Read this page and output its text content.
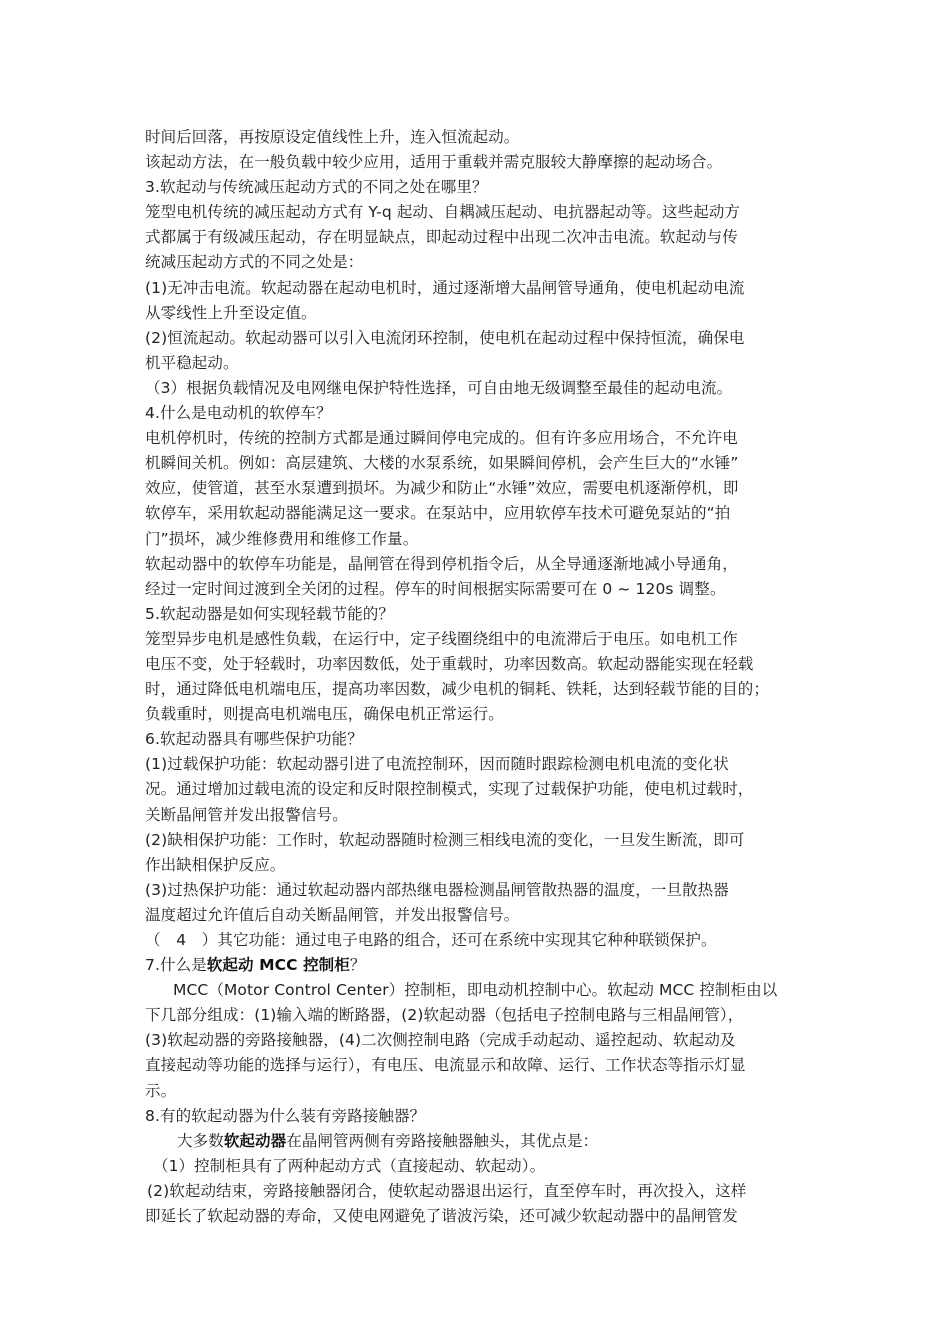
时间后回落，再按原设定值线性上升，连入恒流起动。
该起动方法，在一般负载中较少应用，适用于重载并需克服较大静摩擦的起动场合。
3.软起动与传统减压起动方式的不同之处在哪里？
笼型电机传统的减压起动方式有 Y-q 起动、自耦减压起动、电抗器起动等。这些起动方
式都属于有级减压起动，存在明显缺点，即起动过程中出现二次冲击电流。软起动与传
统减压起动方式的不同之处是：
(1)无冲击电流。软起动器在起动电机时，通过逐渐增大晶闸管导通角，使电机起动电流
从零线性上升至设定值。
(2)恒流起动。软起动器可以引入电流闭环控制，使电机在起动过程中保持恒流，确保电
机平稳起动。
（3）根据负载情况及电网继电保护特性选择，可自由地无级调整至最佳的起动电流。
4.什么是电动机的软停车？
电机停机时，传统的控制方式都是通过瞬间停电完成的。但有许多应用场合，不允许电
机瞬间关机。例如：高层建筑、大楼的水泵系统，如果瞬间停机，会产生巨大的“水锤”
效应，使管道，甚至水泵遭到损坏。为减少和防止“水锤”效应，需要电机逐渐停机，即
软停车，采用软起动器能满足这一要求。在泵站中，应用软停车技术可避免泵站的“拍
门”损坏，减少维修费用和维修工作量。
软起动器中的软停车功能是，晶闸管在得到停机指令后，从全导通逐渐地减小导通角，
经过一定时间过渡到全关闭的过程。停车的时间根据实际需要可在 0 ~ 120s 调整。
5.软起动器是如何实现轻载节能的？
笼型异步电机是感性负载，在运行中，定子线圈绕组中的电流滞后于电压。如电机工作
电压不变，处于轻载时，功率因数低，处于重载时，功率因数高。软起动器能实现在轻载
时，通过降低电机端电压，提高功率因数，减少电机的铜耗、铁耗，达到轻载节能的目的；
负载重时，则提高电机端电压，确保电机正常运行。
6.软起动器具有哪些保护功能？
(1)过载保护功能：软起动器引进了电流控制环，因而随时跟踪检测电机电流的变化状
况。通过增加过载电流的设定和反时限控制模式，实现了过载保护功能，使电机过载时，
关断晶闸管并发出报警信号。
(2)缺相保护功能：工作时，软起动器随时检测三相线电流的变化，一旦发生断流，即可
作出缺相保护反应。
(3)过热保护功能：通过软起动器内部热继电器检测晶闸管散热器的温度，一旦散热器
温度超过允许值后自动关断晶闸管，并发出报警信号。
（　4　）其它功能：通过电子电路的组合，还可在系统中实现其它种种联锁保护。
7.什么是软起动 MCC 控制柜？
MCC（Motor Control Center）控制柜，即电动机控制中心。软起动 MCC 控制柜由以
下几部分组成：(1)输入端的断路器，(2)软起动器（包括电子控制电路与三相晶闸管），
(3)软起动器的旁路接触器，(4)二次侧控制电路（完成手动起动、遥控起动、软起动及
直接起动等功能的选择与运行），有电压、电流显示和故障、运行、工作状态等指示灯显
示。
8.有的软起动器为什么装有旁路接触器？
大多数软起动器在晶闸管两侧有旁路接触器触头，其优点是：
（1）控制柜具有了两种起动方式（直接起动、软起动）。
(2)软起动结束，旁路接触器闭合，使软起动器退出运行，直至停车时，再次投入，这样
即延长了软起动器的寿命，又使电网避免了谐波污染，还可减少软起动器中的晶闸管发
